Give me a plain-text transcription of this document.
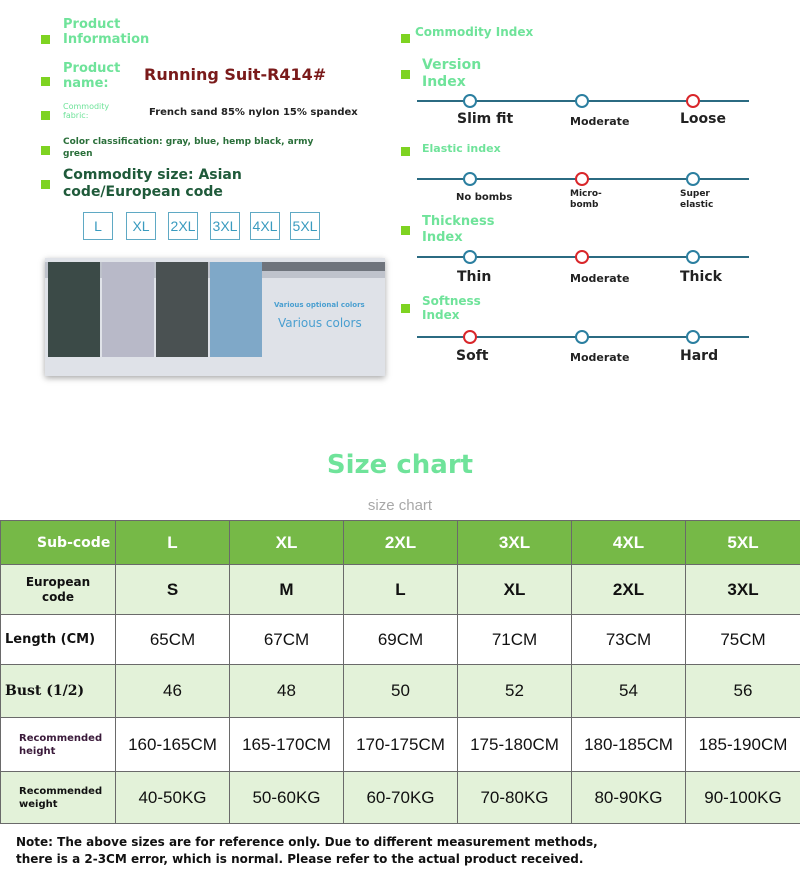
Product
Information
Product
name:	Running Suit-R414#
Commodity
fabric:	French sand 85% nylon 15% spandex
Color classification: gray, blue, hemp black, army
green
Commodity size: Asian
code/European code
L	XL	2XL 3XL 4XL 5XL
Various optional colors
Various colors
Commodity Index
Version
Index
Slim fit	Moderate	Loose
Elastic index
No bombs	Micro-
bomb
Super
elastic
Thickness
Index
Thin	Moderate	Thick
Softness
Index
Soft	Moderate	Hard
Size chart
size chart
Sub-code	L	XL	2XL	3XL	4XL	5XL
European
code	S	M	L	XL	2XL	3XL
Length (CM)	65CM	67CM	69CM	71CM	73CM	75CM
Bust (1/2)	46	48	50	52	54	56
Recommended
height	160-165CM	165-170CM	170-175CM	175-180CM	180-185CM	185-190CM
Recommended
weight	40-50KG	50-60KG	60-70KG	70-80KG	80-90KG	90-100KG
Note: The above sizes are for reference only. Due to different measurement methods,
there is a 2-3CM error, which is normal. Please refer to the actual product received.
